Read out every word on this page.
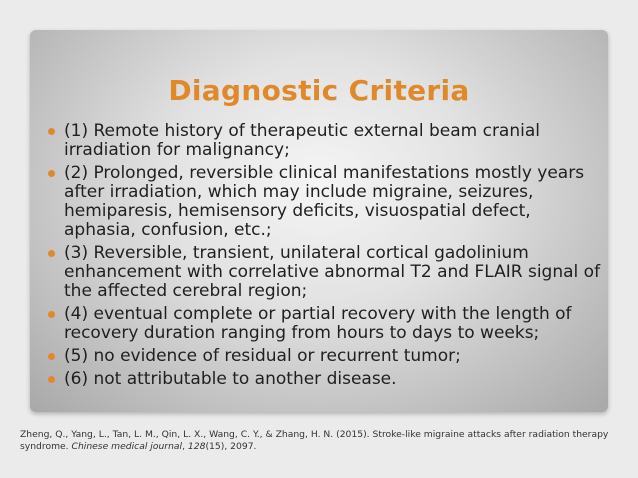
Diagnostic Criteria
(1) Remote history of therapeutic external beam cranial irradiation for malignancy;
(2) Prolonged, reversible clinical manifestations mostly years after irradiation, which may include migraine, seizures, hemiparesis, hemisensory deficits, visuospatial defect, aphasia, confusion, etc.;
(3) Reversible, transient, unilateral cortical gadolinium enhancement with correlative abnormal T2 and FLAIR signal of the affected cerebral region;
(4) eventual complete or partial recovery with the length of recovery duration ranging from hours to days to weeks;
(5) no evidence of residual or recurrent tumor;
(6) not attributable to another disease.
Zheng, Q., Yang, L., Tan, L. M., Qin, L. X., Wang, C. Y., & Zhang, H. N. (2015). Stroke-like migraine attacks after radiation therapy syndrome. Chinese medical journal, 128(15), 2097.
